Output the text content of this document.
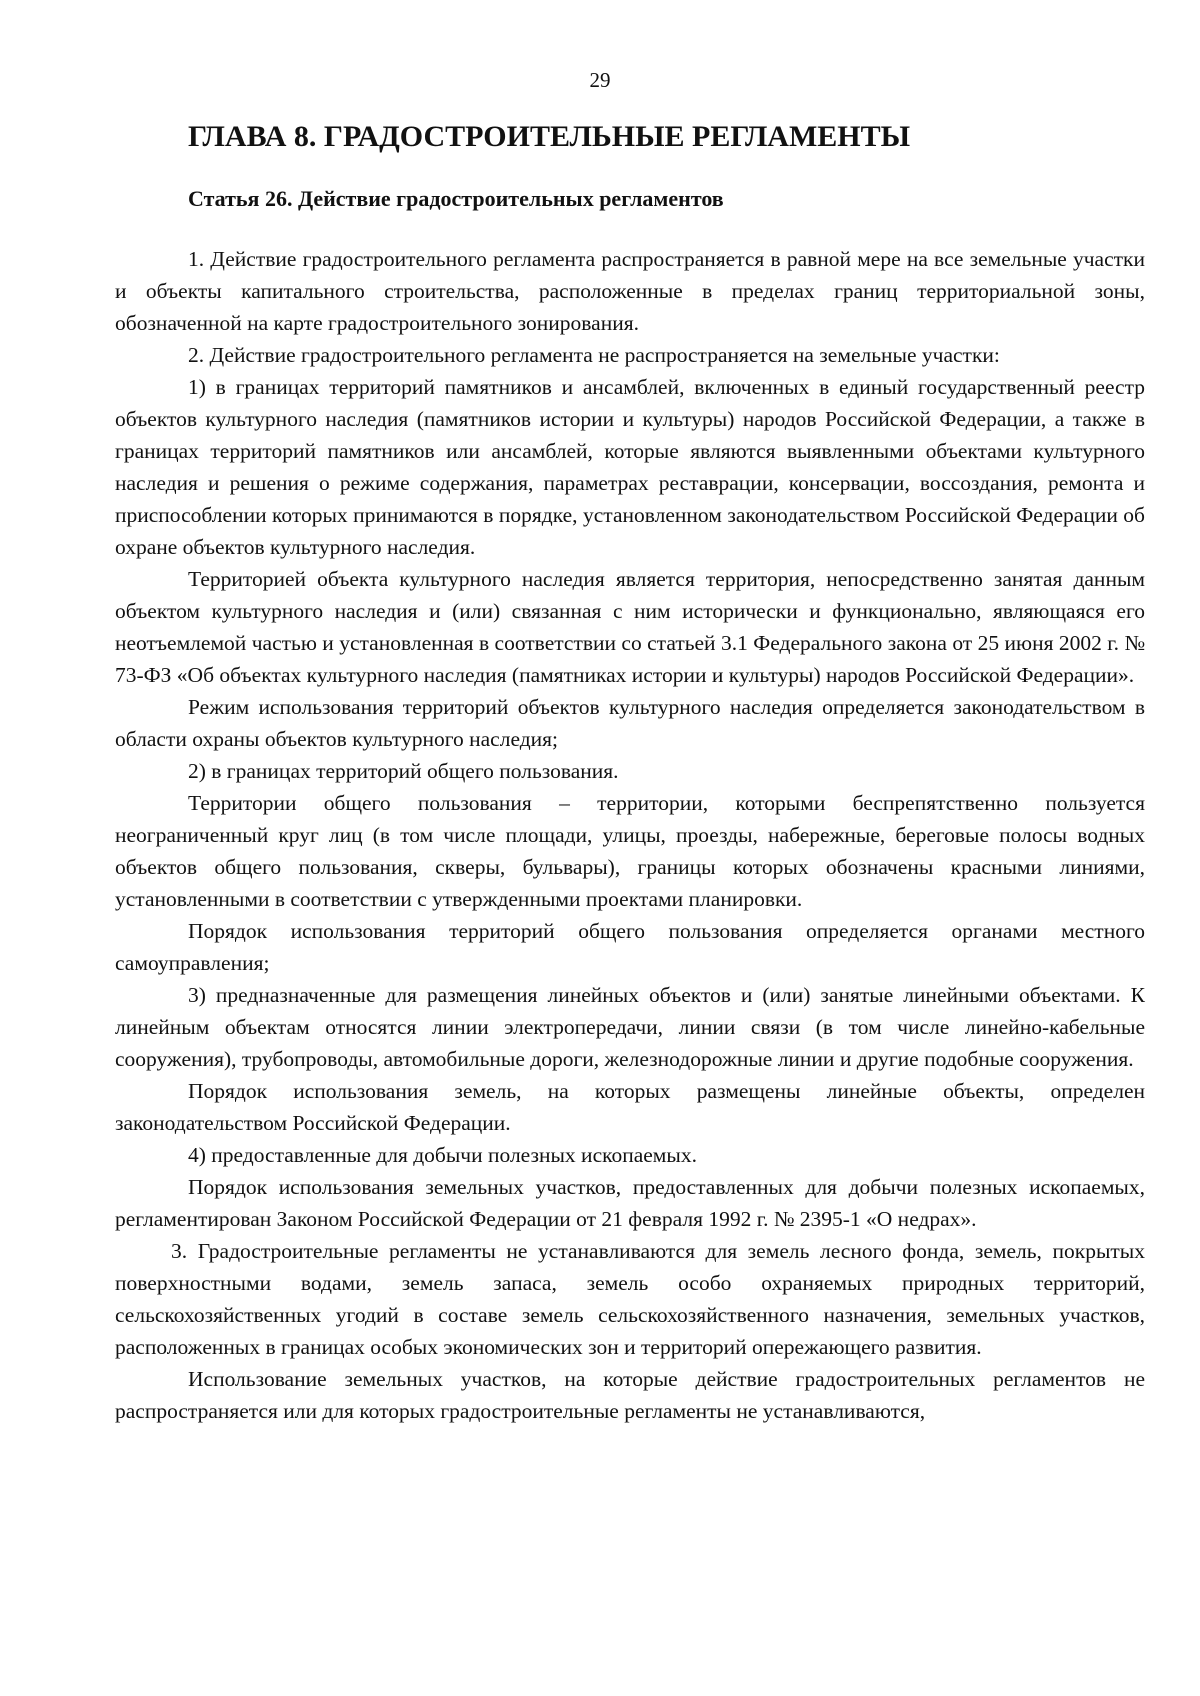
29
ГЛАВА 8. ГРАДОСТРОИТЕЛЬНЫЕ РЕГЛАМЕНТЫ
Статья 26. Действие градостроительных регламентов

1. Действие градостроительного регламента распространяется в равной мере на все земельные участки и объекты капитального строительства, расположенные в пределах границ территориальной зоны, обозначенной на карте градостроительного зонирования.

2. Действие градостроительного регламента не распространяется на земельные участки:

1) в границах территорий памятников и ансамблей, включенных в единый государственный реестр объектов культурного наследия (памятников истории и культуры) народов Российской Федерации, а также в границах территорий памятников или ансамблей, которые являются выявленными объектами культурного наследия и решения о режиме содержания, параметрах реставрации, консервации, воссоздания, ремонта и приспособлении которых принимаются в порядке, установленном законодательством Российской Федерации об охране объектов культурного наследия.

Территорией объекта культурного наследия является территория, непосредственно занятая данным объектом культурного наследия и (или) связанная с ним исторически и функционально, являющаяся его неотъемлемой частью и установленная в соответствии со статьей 3.1 Федерального закона от 25 июня 2002 г. № 73-ФЗ «Об объектах культурного наследия (памятниках истории и культуры) народов Российской Федерации».

Режим использования территорий объектов культурного наследия определяется законодательством в области охраны объектов культурного наследия;

2) в границах территорий общего пользования.

Территории общего пользования – территории, которыми беспрепятственно пользуется неограниченный круг лиц (в том числе площади, улицы, проезды, набережные, береговые полосы водных объектов общего пользования, скверы, бульвары), границы которых обозначены красными линиями, установленными в соответствии с утвержденными проектами планировки.

Порядок использования территорий общего пользования определяется органами местного самоуправления;

3) предназначенные для размещения линейных объектов и (или) занятые линейными объектами. К линейным объектам относятся линии электропередачи, линии связи (в том числе линейно-кабельные сооружения), трубопроводы, автомобильные дороги, железнодорожные линии и другие подобные сооружения.

Порядок использования земель, на которых размещены линейные объекты, определен законодательством Российской Федерации.

4) предоставленные для добычи полезных ископаемых.

Порядок использования земельных участков, предоставленных для добычи полезных ископаемых, регламентирован Законом Российской Федерации от 21 февраля 1992 г. № 2395-1 «О недрах».

3. Градостроительные регламенты не устанавливаются для земель лесного фонда, земель, покрытых поверхностными водами, земель запаса, земель особо охраняемых природных территорий, сельскохозяйственных угодий в составе земель сельскохозяйственного назначения, земельных участков, расположенных в границах особых экономических зон и территорий опережающего развития.

Использование земельных участков, на которые действие градостроительных регламентов не распространяется или для которых градостроительные регламенты не устанавливаются,
